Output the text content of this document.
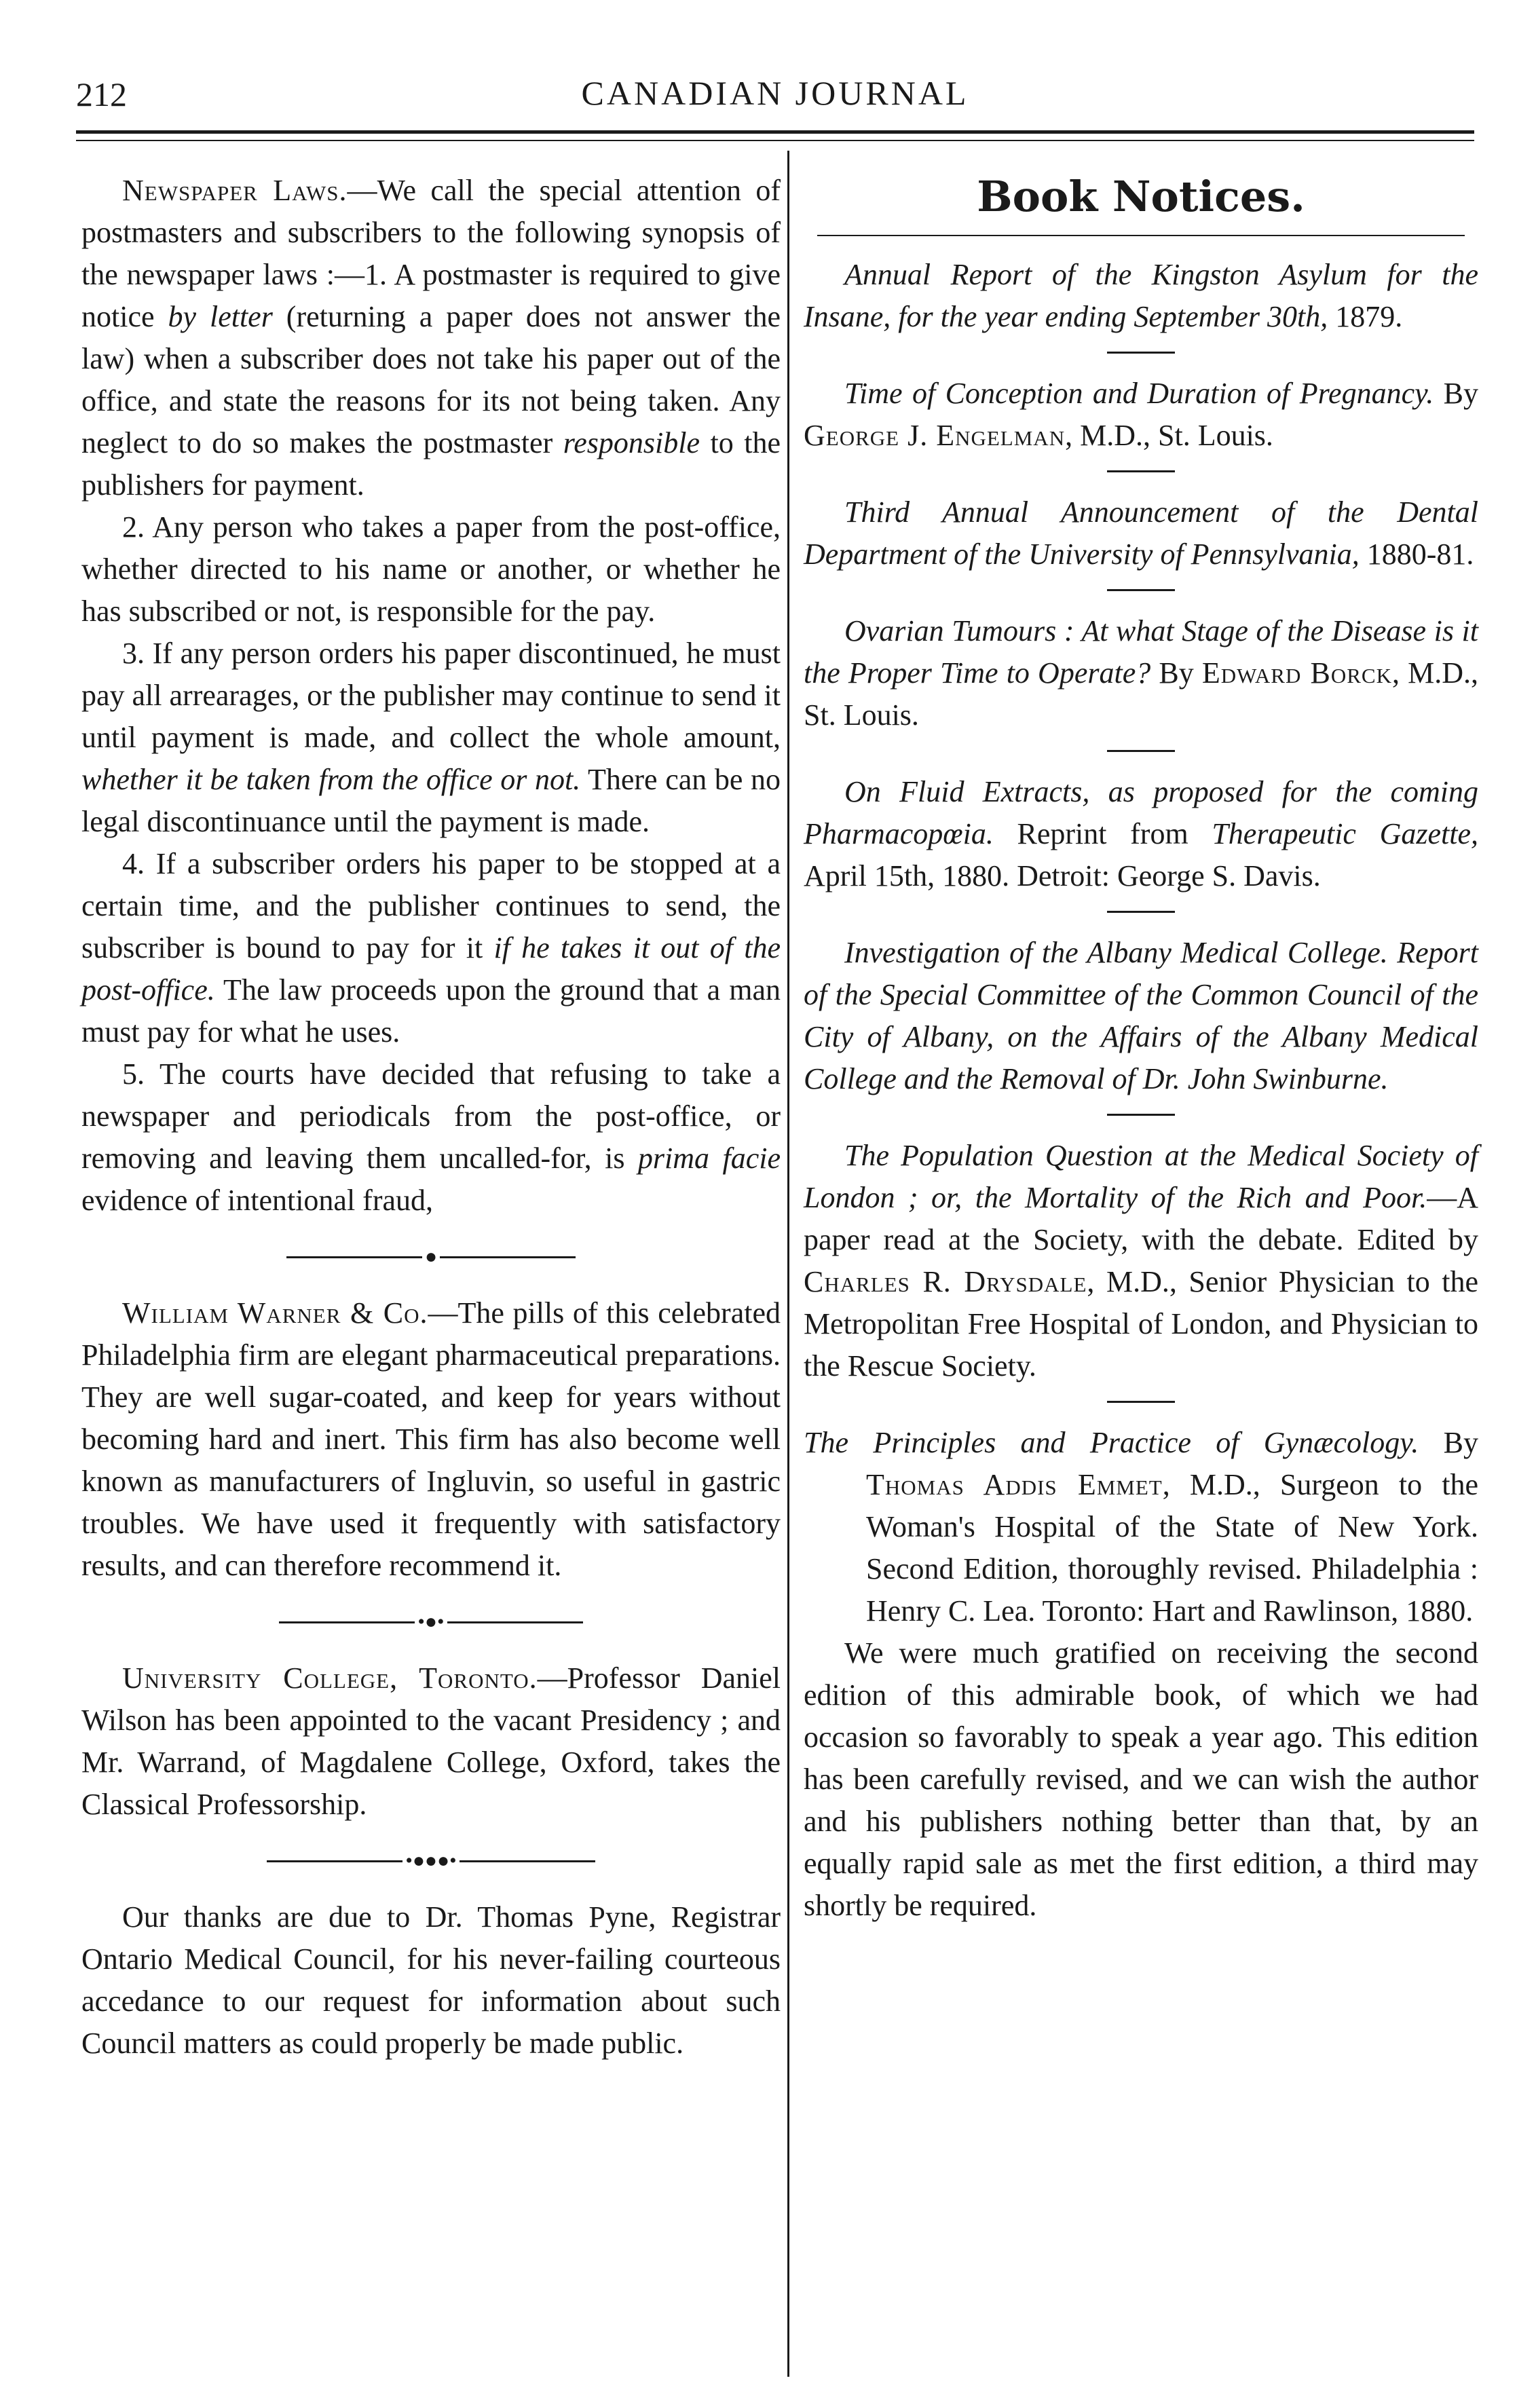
212	CANADIAN JOURNAL

Newspaper Laws.—We call the special attention of postmasters and subscribers to the following synopsis of the newspaper laws :—1. A postmaster is required to give notice by letter (returning a paper does not answer the law) when a subscriber does not take his paper out of the office, and state the reasons for its not being taken. Any neglect to do so makes the postmaster responsible to the publishers for payment.

2. Any person who takes a paper from the post-office, whether directed to his name or another, or whether he has subscribed or not, is responsible for the pay.

3. If any person orders his paper discontinued, he must pay all arrearages, or the publisher may continue to send it until payment is made, and collect the whole amount, whether it be taken from the office or not. There can be no legal discontinuance until the payment is made.

4. If a subscriber orders his paper to be stopped at a certain time, and the publisher continues to send, the subscriber is bound to pay for it if he takes it out of the post-office. The law proceeds upon the ground that a man must pay for what he uses.

5. The courts have decided that refusing to take a newspaper and periodicals from the post-office, or removing and leaving them uncalled-for, is prima facie evidence of intentional fraud,

●

William Warner & Co.—The pills of this celebrated Philadelphia firm are elegant pharmaceutical preparations. They are well sugar-coated, and keep for years without becoming hard and inert. This firm has also become well known as manufacturers of Ingluvin, so useful in gastric troubles. We have used it frequently with satisfactory results, and can therefore recommend it.

•●•

University College, Toronto.—Professor Daniel Wilson has been appointed to the vacant Presidency ; and Mr. Warrand, of Magdalene College, Oxford, takes the Classical Professorship.

•●●●•

Our thanks are due to Dr. Thomas Pyne, Registrar Ontario Medical Council, for his never-failing courteous accedance to our request for information about such Council matters as could properly be made public.

Book Notices.

Annual Report of the Kingston Asylum for the Insane, for the year ending September 30th, 1879.

Time of Conception and Duration of Pregnancy. By George J. Engelman, M.D., St. Louis.

Third Annual Announcement of the Dental Department of the University of Pennsylvania, 1880-81.

Ovarian Tumours : At what Stage of the Disease is it the Proper Time to Operate? By Edward Borck, M.D., St. Louis.

On Fluid Extracts, as proposed for the coming Pharmacopœia. Reprint from Therapeutic Gazette, April 15th, 1880. Detroit: George S. Davis.

Investigation of the Albany Medical College. Report of the Special Committee of the Common Council of the City of Albany, on the Affairs of the Albany Medical College and the Removal of Dr. John Swinburne.

The Population Question at the Medical Society of London ; or, the Mortality of the Rich and Poor.—A paper read at the Society, with the debate. Edited by Charles R. Drysdale, M.D., Senior Physician to the Metropolitan Free Hospital of London, and Physician to the Rescue Society.

The Principles and Practice of Gynæcology. By Thomas Addis Emmet, M.D., Surgeon to the Woman's Hospital of the State of New York. Second Edition, thoroughly revised. Philadelphia : Henry C. Lea. Toronto: Hart and Rawlinson, 1880.

We were much gratified on receiving the second edition of this admirable book, of which we had occasion so favorably to speak a year ago. This edition has been carefully revised, and we can wish the author and his publishers nothing better than that, by an equally rapid sale as met the first edition, a third may shortly be required.
